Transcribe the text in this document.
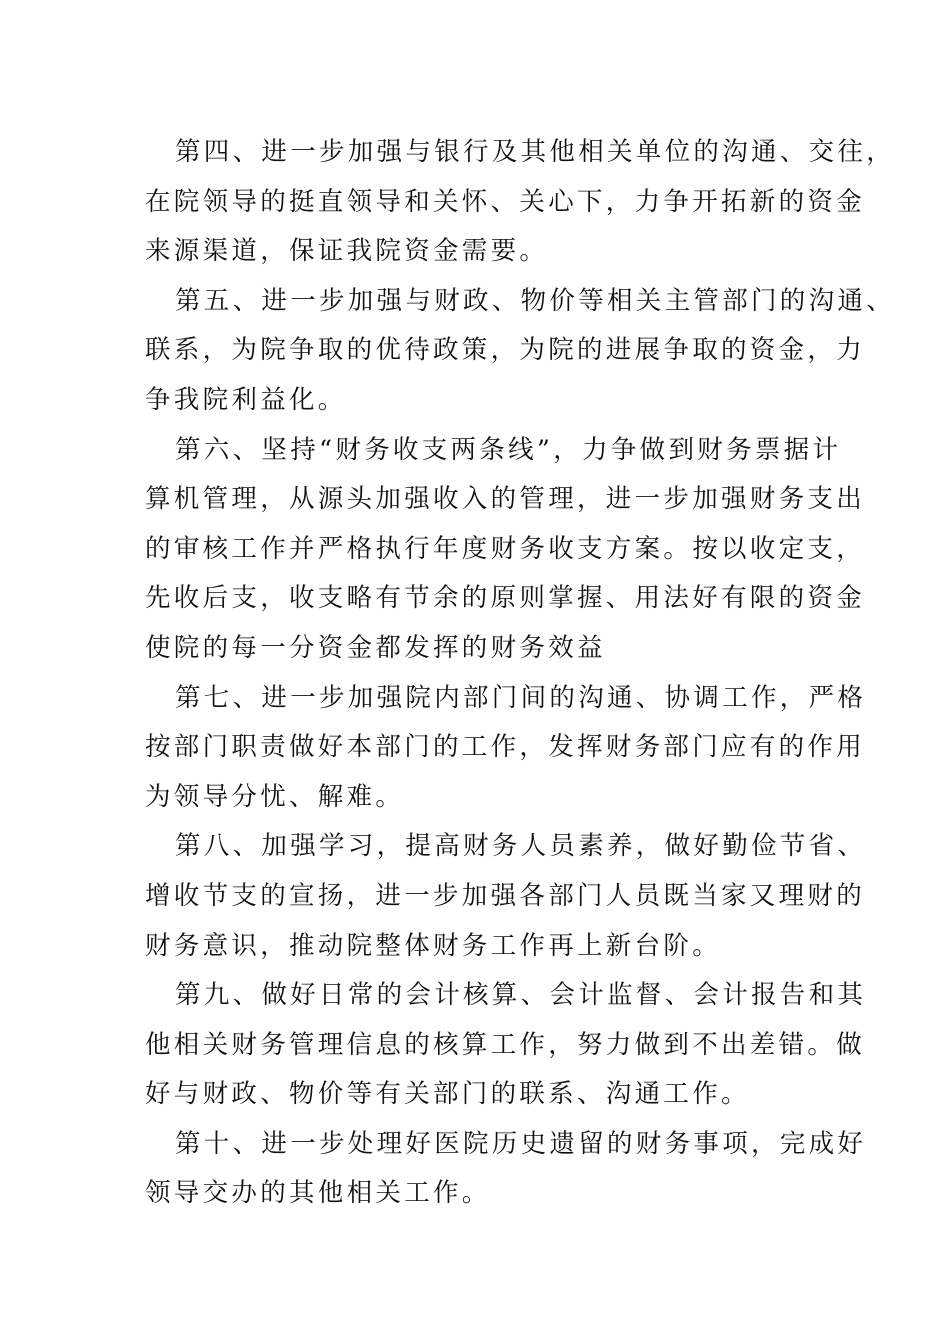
第四、进一步加强与银行及其他相关单位的沟通、交往，
在院领导的挺直领导和关怀、关心下，力争开拓新的资金
来源渠道，保证我院资金需要。

第五、进一步加强与财政、物价等相关主管部门的沟通、
联系，为院争取的优待政策，为院的进展争取的资金，力
争我院利益化。

第六、坚持“财务收支两条线”，力争做到财务票据计
算机管理，从源头加强收入的管理，进一步加强财务支出
的审核工作并严格执行年度财务收支方案。按以收定支，
先收后支，收支略有节余的原则掌握、用法好有限的资金
使院的每一分资金都发挥的财务效益

第七、进一步加强院内部门间的沟通、协调工作，严格
按部门职责做好本部门的工作，发挥财务部门应有的作用
为领导分忧、解难。

第八、加强学习，提高财务人员素养，做好勤俭节省、
增收节支的宣扬，进一步加强各部门人员既当家又理财的
财务意识，推动院整体财务工作再上新台阶。

第九、做好日常的会计核算、会计监督、会计报告和其
他相关财务管理信息的核算工作，努力做到不出差错。做
好与财政、物价等有关部门的联系、沟通工作。

第十、进一步处理好医院历史遗留的财务事项，完成好
领导交办的其他相关工作。
